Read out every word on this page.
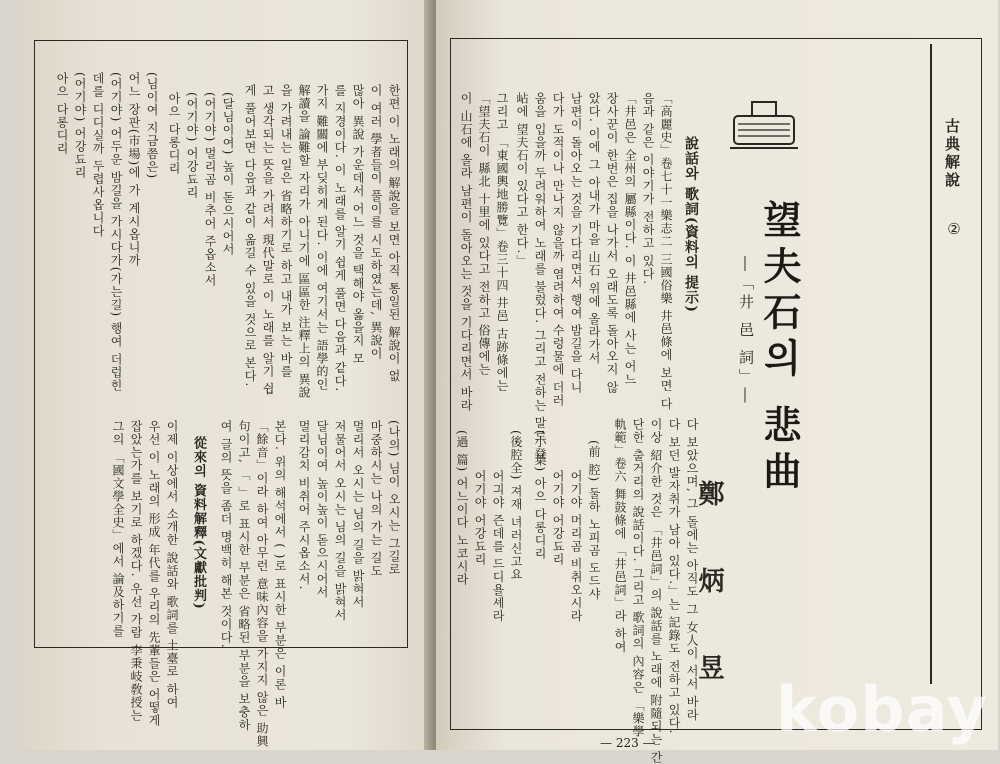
古典解說
②
望夫石의 悲曲
―「井 邑 詞」―
鄭 炳 昱
다 보았으며, 그 돌에는 아직도 그 女人이 서서 바라
다 보던 발자취가 남아 있다.」는 記錄도 전하고 있다.
이상 紹介한 것은 「井邑詞」의 說話를 노래에 附隨되는 간
단한 출거리의 說話이다. 그리고 歌詞의 內容은 「樂學
軌範」卷六 舞鼓條에 「井邑詞」라 하여
(前 腔) 둘하 노피곰 도드샤
어기야 머리곰 비취오시라
어기야 어강됴리
(小 葉) 아으 다롱디리
(後腔全) 져재 녀러신고요
어긔야 즌데를 드디욜셰라
어기야 어강됴리
(過 篇) 어느이다 노코시라
說話와 歌詞(資料의 提示)
「高麗史」卷七十一樂志二 三國俗樂 井邑條에 보면 다
음과 같은 이야기가 전하고 있다.
「井邑은 全州의 屬縣이다. 이 井邑縣에 사는 어느
장사꾼이 한번은 집을 나가서 오래도록 돌아오지 않
았다. 이에 그 아내가 마을 山石 위에 올라가서
남편이 돌아오는 것을 기다리면서 행여 밤길을 다니
다가 도적이나 만나지 않을까 염려하여 수렁물에 더러
움을 입을까 두려워하여 노래를 불렀다. 그리고 전하는 말로 登
岾에 望夫石이 있다고 한다.」
그리고 「東國輿地勝覽」卷三十四 井邑 古跡條에는
「望夫石이 縣北 十里에 있다고 전하고 俗傳에는
이 山石에 올라 남편이 돌아오는 것을 기다리면서 바라
— 223 —
한편 이 노래의 解說을 보면 아직 통일된 解說이 없
이 여러 學者들이 풀이를 시도하였는데, 異說이
많아 異說 가운데서 어느 것을 택해야 옳을지 모
를 지경이다. 이 노래를 알기 쉽게 풀면 다음과 같다.
가지 難關에 부딪히게 된다. 이에 여기서는 語學的인
解讀을 論難할 자리가 아니기에 區區한 注釋上의 異說
을 가려내는 일은 省略하기로 하고 내가 보는 바를
고 생각되는 뜻을 가려서 現代말로 이 노래를 알기 쉽
게 풀어보면 다음과 같이 옮길 수 있을 것으로 본다.
(달님이여) 높이 돋으시어서
(어기야) 멀리곰 비추어 주옵소서
(어기야) 어강됴리
아으 다롱디리
(님이여 지금쯤은)
어느 장판(市場)에 가 계시옵니까
(어기야) 어두운 밤길을 가시다가(가는길) 행여 더럽힌
데를 디디실까 두렵사옵니다
(어기야) 어강됴리
아으 다롱디리
(나의) 님이 오시는 그길로
마중하시는 나의 가는 길도
멀리서 오시는 님의 길을 밝혀서
저물어서 오시는 님의 길을 밝혀서
달님이여 높이높이 돋으시어서
멀리감치 비취어 주시옵소서.
본다. 위의 해석에서 ( )로 표시한 부분은 이론 바
「餘音」이라 하여 아무런 意味內容을 가지지 않은 助興
句이고, 「 」로 표시한 부분은 省略된 부분을 보충하
여 글의 뜻을 좀더 명백히 해본 것이다.
從來의 資料解釋(文獻批判)
이제 이상에서 소개한 說話와 歌詞를 土臺로 하여
우선 이 노래의 形成 年代를 우리의 先輩들은 어떻게
잡았는가를 보기로 하겠다. 우선 가람 李秉岐敎授는
그의 「國文學全史」에서 論及하기를
kobay
